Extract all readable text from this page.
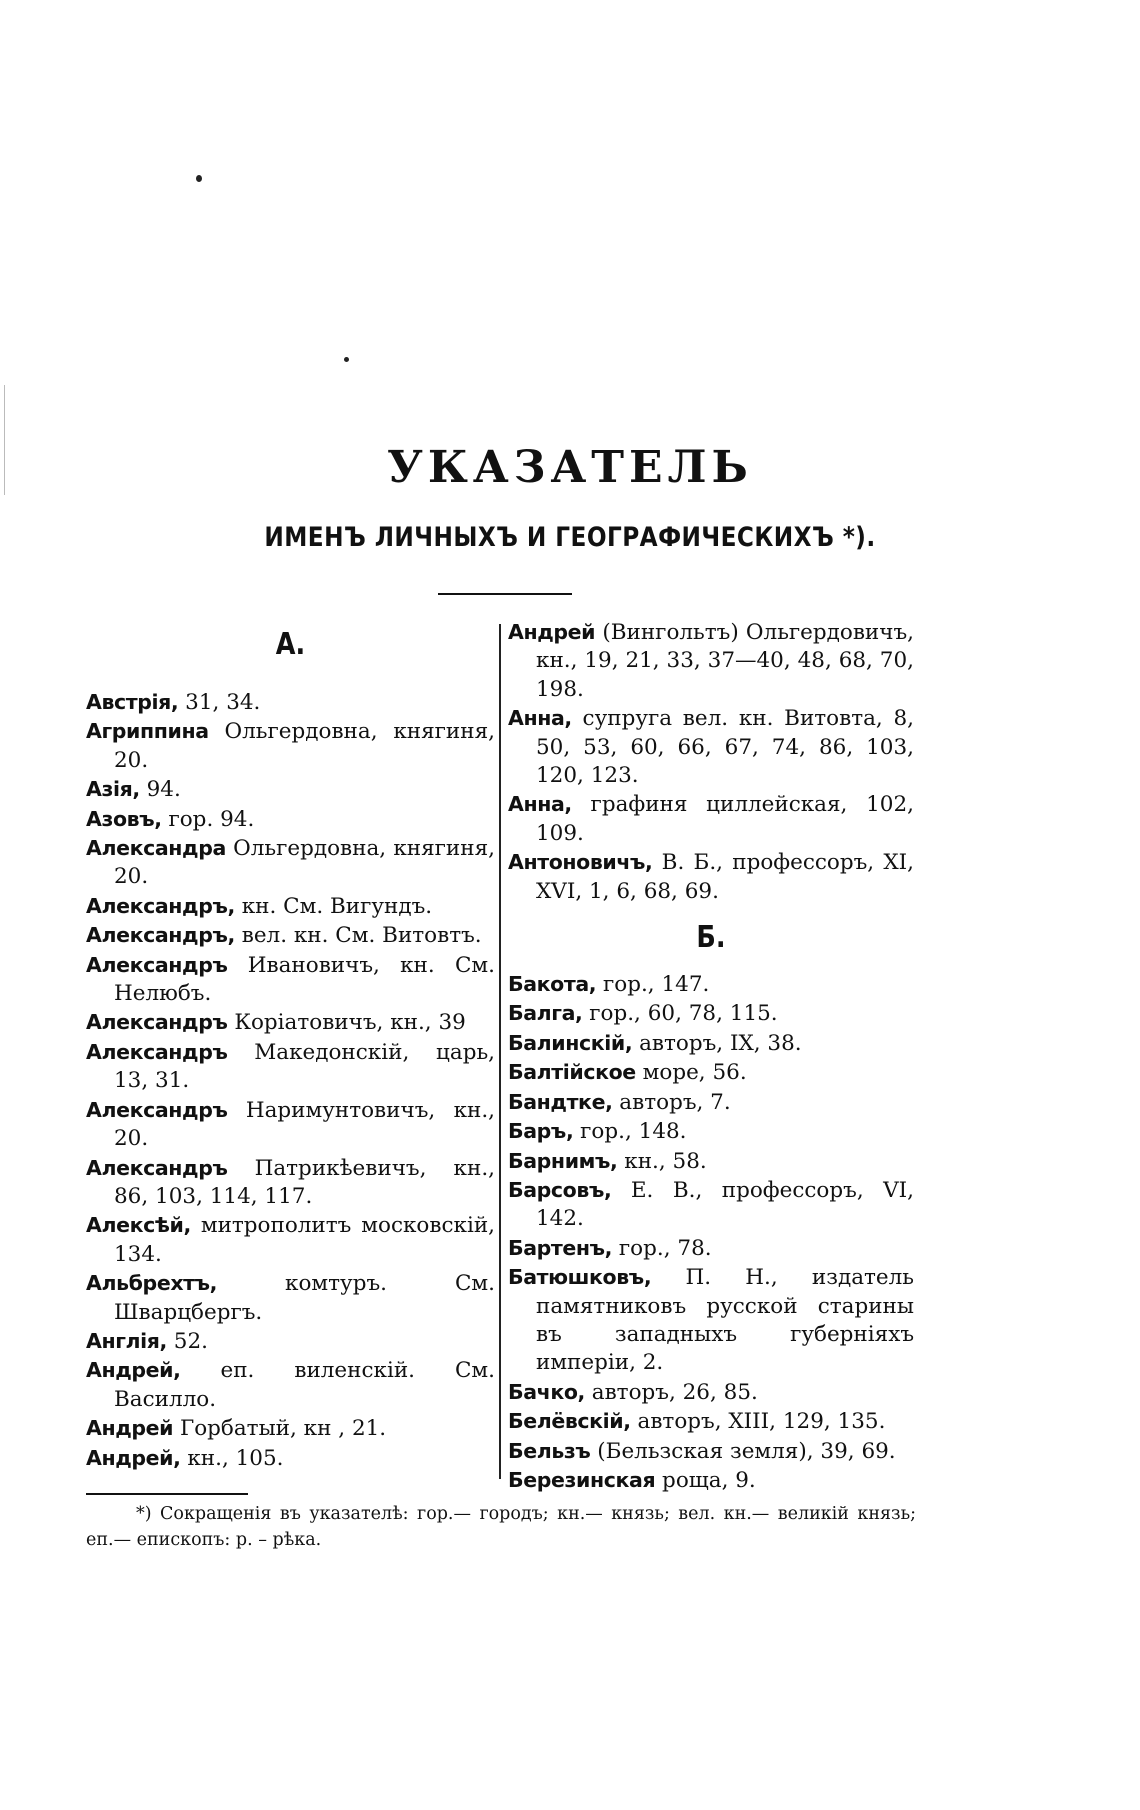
УКАЗАТЕЛЬ
ИМЕНЪ ЛИЧНЫХЪ И ГЕОГРАФИЧЕСКИХЪ *).
А.
Австрія, 31, 34.
Агриппина Ольгердовна, княгиня, 20.
Азія, 94.
Азовъ, гор. 94.
Александра Ольгердовна, княгиня, 20.
Александръ, кн. См. Вигундъ.
Александръ, вел. кн. См. Витовтъ.
Александръ Ивановичъ, кн. См. Нелюбъ.
Александръ Коріатовичъ, кн., 39
Александръ Македонскій, царь, 13, 31.
Александръ Наримунтовичъ, кн., 20.
Александръ Патрикѣевичъ, кн., 86, 103, 114, 117.
Алексѣй, митрополитъ московскій, 134.
Альбрехтъ, комтуръ. См. Шварцбергъ.
Англія, 52.
Андрей, еп. виленскій. См. Василло.
Андрей Горбатый, кн , 21.
Андрей, кн., 105.
Андрей (Вингольтъ) Ольгердовичъ, кн., 19, 21, 33, 37—40, 48, 68, 70, 198.
Анна, супруга вел. кн. Витовта, 8, 50, 53, 60, 66, 67, 74, 86, 103, 120, 123.
Анна, графиня циллейская, 102, 109.
Антоновичъ, В. Б., профессоръ, XI, XVI, 1, 6, 68, 69.
Б.
Бакота, гор., 147.
Балга, гор., 60, 78, 115.
Балинскій, авторъ, IX, 38.
Балтійское море, 56.
Бандтке, авторъ, 7.
Баръ, гор., 148.
Барнимъ, кн., 58.
Барсовъ, Е. В., профессоръ, VI, 142.
Бартенъ, гор., 78.
Батюшковъ, П. Н., издатель памятниковъ русской старины въ западныхъ губерніяхъ имперіи, 2.
Бачко, авторъ, 26, 85.
Белёвскій, авторъ, XIII, 129, 135.
Бельзъ (Бельзская земля), 39, 69.
Березинская роща, 9.
*) Сокращенія въ указателѣ: гор.— городъ; кн.— князь; вел. кн.— великій князь; еп.— епископъ: р. – рѣка.
